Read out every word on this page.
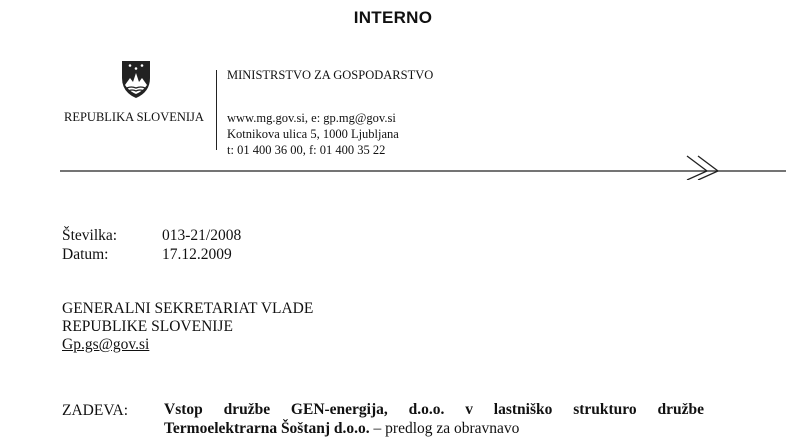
INTERNO
REPUBLIKA SLOVENIJA
MINISTRSTVO ZA GOSPODARSTVO
www.mg.gov.si, e: gp.mg@gov.si
Kotnikova ulica 5, 1000 Ljubljana
t: 01 400 36 00, f: 01 400 35 22
Številka:	013-21/2008
Datum:	17.12.2009
GENERALNI SEKRETARIAT VLADE
REPUBLIKE SLOVENIJE
Gp.gs@gov.si
ZADEVA: Vstop družbe GEN-energija, d.o.o. v lastniško strukturo družbe
Termoelektrarna Šoštanj d.o.o. – predlog za obravnavo
